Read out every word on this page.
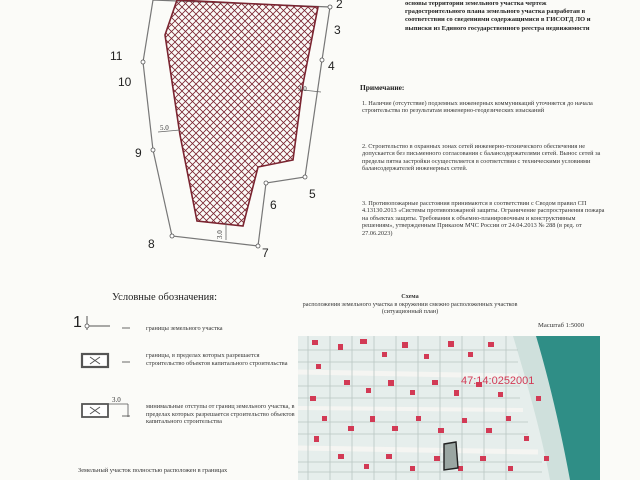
3.0
5.0
3.0
2
3
4
5
6
7
8
9
10
11
3.0
1
основы территории земельного участка чертеж градостроительного плана земельного участка разработан в соответствии со сведениями содержащимися в ГИСОГД ЛО и выписки из Единого государственного реестра недвижимости
Примечание:
1. Наличие (отсутствие) подземных инженерных коммуникаций уточняется до начала строительства по результатам инженерно-геодезических изысканий
2. Строительство в охранных зонах сетей инженерно-технического обеспечения не допускается без письменного согласования с балансодержателями сетей. Вынос сетей за пределы пятна застройки осуществляется в соответствии с техническими условиями балансодержателей инженерных сетей.
3. Противопожарные расстояния принимаются в соответствии с Сводом правил СП 4.13130.2013 «Системы противопожарной защиты. Ограничение распространения пожара на объектах защиты. Требования к объемно-планировочным и конструктивным решениям», утвержденным Приказом МЧС России от 24.04.2013 № 288 (в ред. от 27.06.2023)
Условные обозначения:
границы земельного участка
границы, в пределах которых разрешается строительство объектов капитального строительства
минимальные отступы от границ земельного участка, в пределах которых разрешается строительство объектов капитального строительства
Схема
расположения земельного участка в окружении смежно расположенных участков
(ситуационный план)
Масштаб 1:5000
47:14:0252001
Земельный участок полностью расположен в границах
